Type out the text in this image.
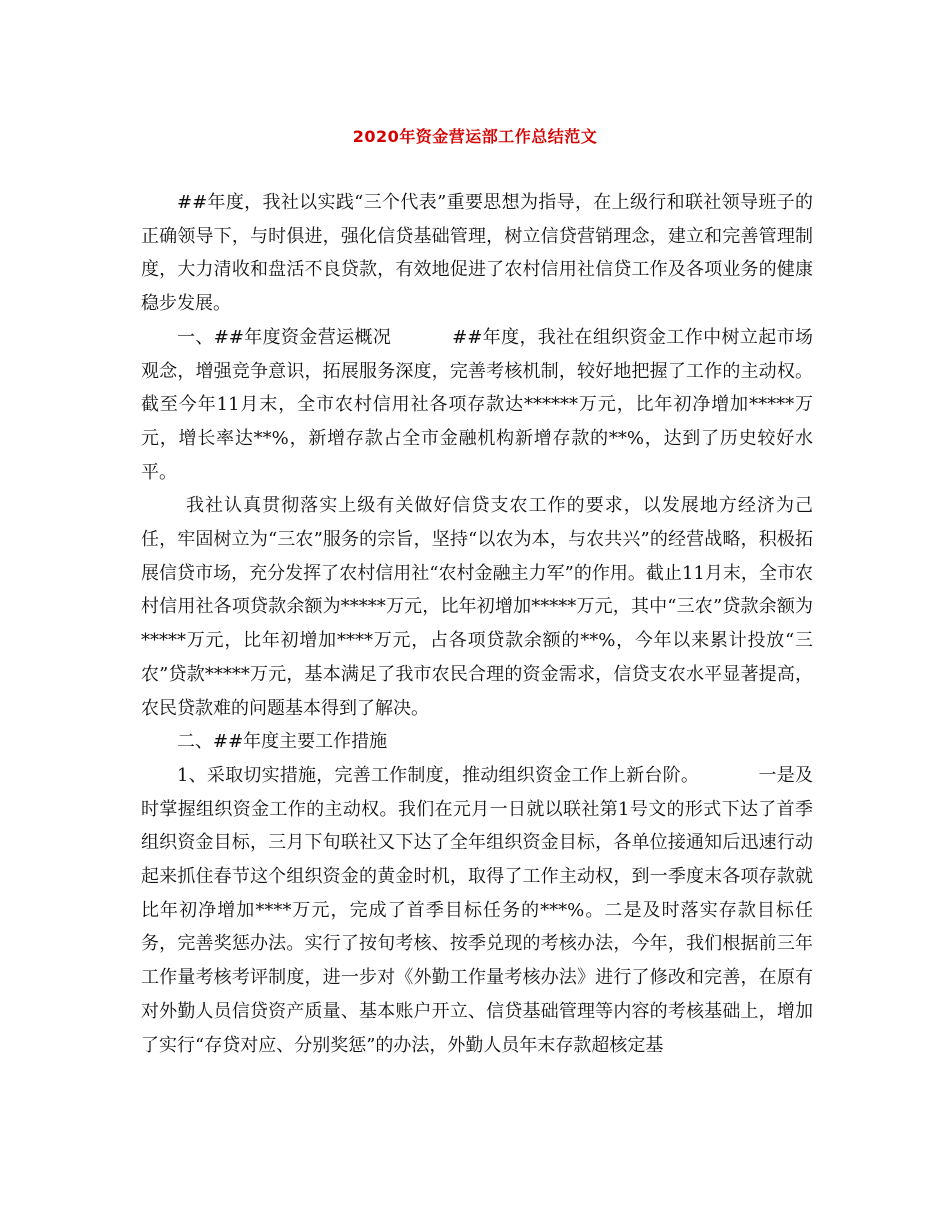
2020年资金营运部工作总结范文

##年度，我社以实践“三个代表”重要思想为指导，在上级行和联社领导班子的正确领导下，与时俱进，强化信贷基础管理，树立信贷营销理念，建立和完善管理制度，大力清收和盘活不良贷款，有效地促进了农村信用社信贷工作及各项业务的健康稳步发展。

一、##年度资金营运概况          ##年度，我社在组织资金工作中树立起市场观念，增强竞争意识，拓展服务深度，完善考核机制，较好地把握了工作的主动权。截至今年11月末，全市农村信用社各项存款达******万元，比年初净增加*****万元，增长率达**%，新增存款占全市金融机构新增存款的**%，达到了历史较好水平。

我社认真贯彻落实上级有关做好信贷支农工作的要求，以发展地方经济为己任，牢固树立为“三农”服务的宗旨，坚持“以农为本，与农共兴”的经营战略，积极拓展信贷市场，充分发挥了农村信用社“农村金融主力军”的作用。截止11月末，全市农村信用社各项贷款余额为*****万元，比年初增加*****万元，其中“三农”贷款余额为*****万元，比年初增加****万元，占各项贷款余额的**%，今年以来累计投放“三农”贷款*****万元，基本满足了我市农民合理的资金需求，信贷支农水平显著提高，农民贷款难的问题基本得到了解决。

二、##年度主要工作措施

1、采取切实措施，完善工作制度，推动组织资金工作上新台阶。          一是及时掌握组织资金工作的主动权。我们在元月一日就以联社第1号文的形式下达了首季组织资金目标，三月下旬联社又下达了全年组织资金目标，各单位接通知后迅速行动起来抓住春节这个组织资金的黄金时机，取得了工作主动权，到一季度末各项存款就比年初净增加****万元，完成了首季目标任务的***%。二是及时落实存款目标任务，完善奖惩办法。实行了按旬考核、按季兑现的考核办法，今年，我们根据前三年工作量考核考评制度，进一步对《外勤工作量考核办法》进行了修改和完善，在原有对外勤人员信贷资产质量、基本账户开立、信贷基础管理等内容的考核基础上，增加了实行“存贷对应、分别奖惩”的办法，外勤人员年末存款超核定基
